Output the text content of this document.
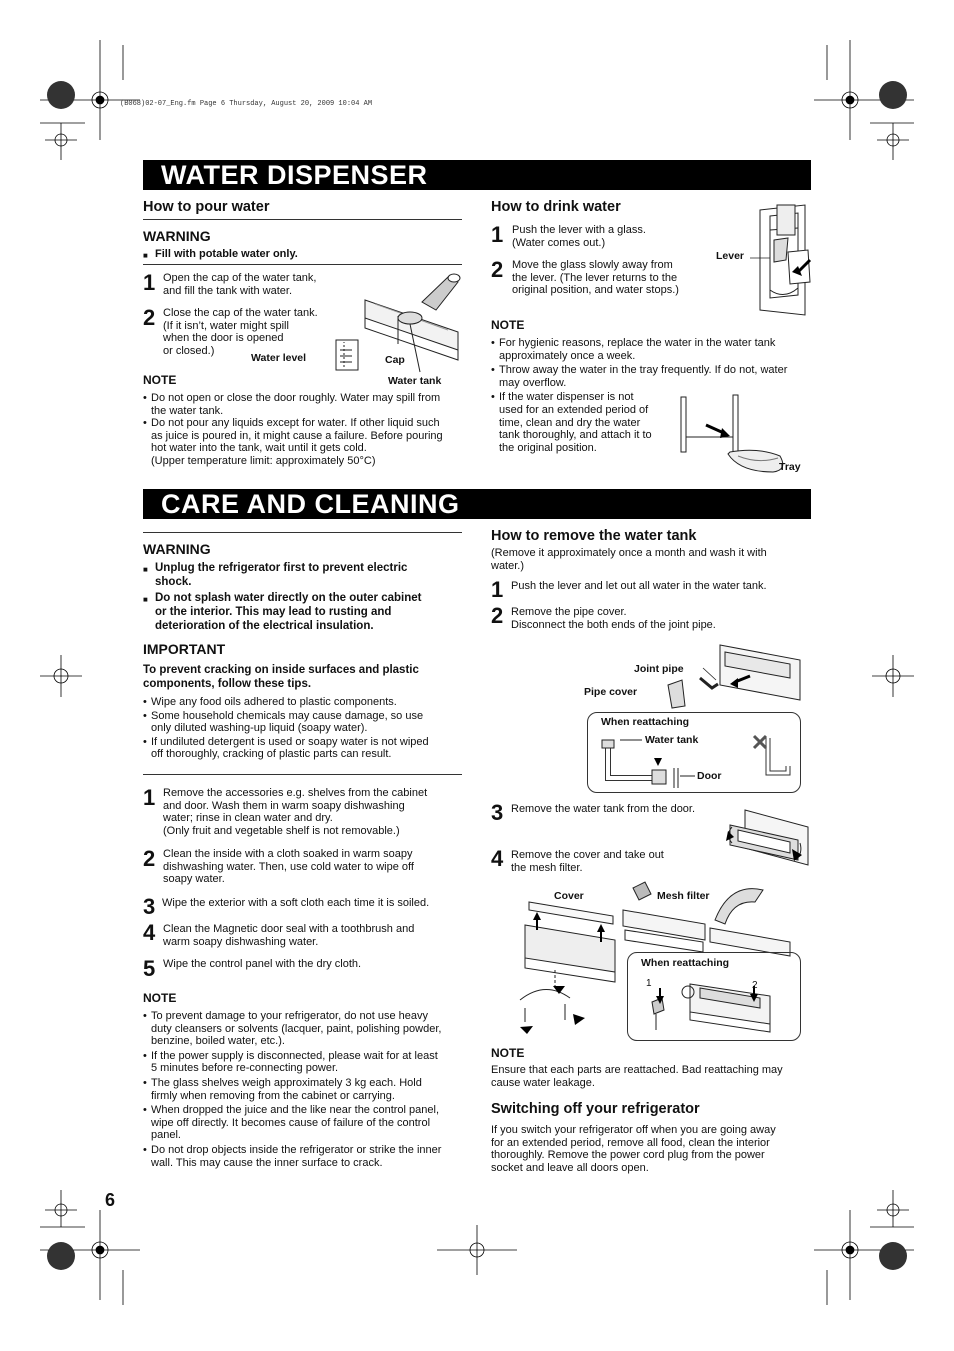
(B068)02-07_Eng.fm Page 6 Thursday, August 20, 2009 10:04 AM
WATER DISPENSER
How to pour water
WARNING
■ Fill with potable water only.
1 Open the cap of the water tank,
and fill the tank with water.
2 Close the cap of the water tank.
(If it isn’t, water might spill
when the door is opened
or closed.)
Water level	Cap
Water tank
NOTE
• Do not open or close the door roughly. Water may spill from
the water tank.
• Do not pour any liquids except for water. If other liquid such
as juice is poured in, it might cause a failure. Before pouring
hot water into the tank, wait until it gets cold.
(Upper temperature limit: approximately 50°C)
How to drink water
1 Push the lever with a glass.
(Water comes out.)
2 Move the glass slowly away from
the lever. (The lever returns to the
original position, and water stops.)
Lever
NOTE
• For hygienic reasons, replace the water in the water tank
approximately once a week.
• Throw away the water in the tray frequently. If do not, water
may overflow.
• If the water dispenser is not
used for an extended period of
time, clean and dry the water
tank thoroughly, and attach it to
the original position.
Tray
CARE AND CLEANING
WARNING
■ Unplug the refrigerator first to prevent electric
shock.
■ Do not splash water directly on the outer cabinet
or the interior. This may lead to rusting and
deterioration of the electrical insulation.
IMPORTANT
To prevent cracking on inside surfaces and plastic
components, follow these tips.
• Wipe any food oils adhered to plastic components.
• Some household chemicals may cause damage, so use
only diluted washing-up liquid (soapy water).
• If undiluted detergent is used or soapy water is not wiped
off thoroughly, cracking of plastic parts can result.
1 Remove the accessories e.g. shelves from the cabinet
and door. Wash them in warm soapy dishwashing
water; rinse in clean water and dry.
(Only fruit and vegetable shelf is not removable.)
2 Clean the inside with a cloth soaked in warm soapy
dishwashing water. Then, use cold water to wipe off
soapy water.
3 Wipe the exterior with a soft cloth each time it is soiled.
4 Clean the Magnetic door seal with a toothbrush and
warm soapy dishwashing water.
5 Wipe the control panel with the dry cloth.
NOTE
• To prevent damage to your refrigerator, do not use heavy
duty cleansers or solvents (lacquer, paint, polishing powder,
benzine, boiled water, etc.).
• If the power supply is disconnected, please wait for at least
5 minutes before re-connecting power.
• The glass shelves weigh approximately 3 kg each. Hold
firmly when removing from the cabinet or carrying.
• When dropped the juice and the like near the control panel,
wipe off directly. It becomes cause of failure of the control
panel.
• Do not drop objects inside the refrigerator or strike the inner
wall. This may cause the inner surface to crack.
How to remove the water tank
(Remove it approximately once a month and wash it with
water.)
1 Push the lever and let out all water in the water tank.
2 Remove the pipe cover.
Disconnect the both ends of the joint pipe.
Joint pipe
Pipe cover
When reattaching
Water tank
Door
3 Remove the water tank from the door.
4 Remove the cover and take out
the mesh filter.
Cover	Mesh filter
When reattaching
1	2
NOTE
Ensure that each parts are reattached. Bad reattaching may
cause water leakage.
Switching off your refrigerator
If you switch your refrigerator off when you are going away
for an extended period, remove all food, clean the interior
thoroughly. Remove the power cord plug from the power
socket and leave all doors open.
6
